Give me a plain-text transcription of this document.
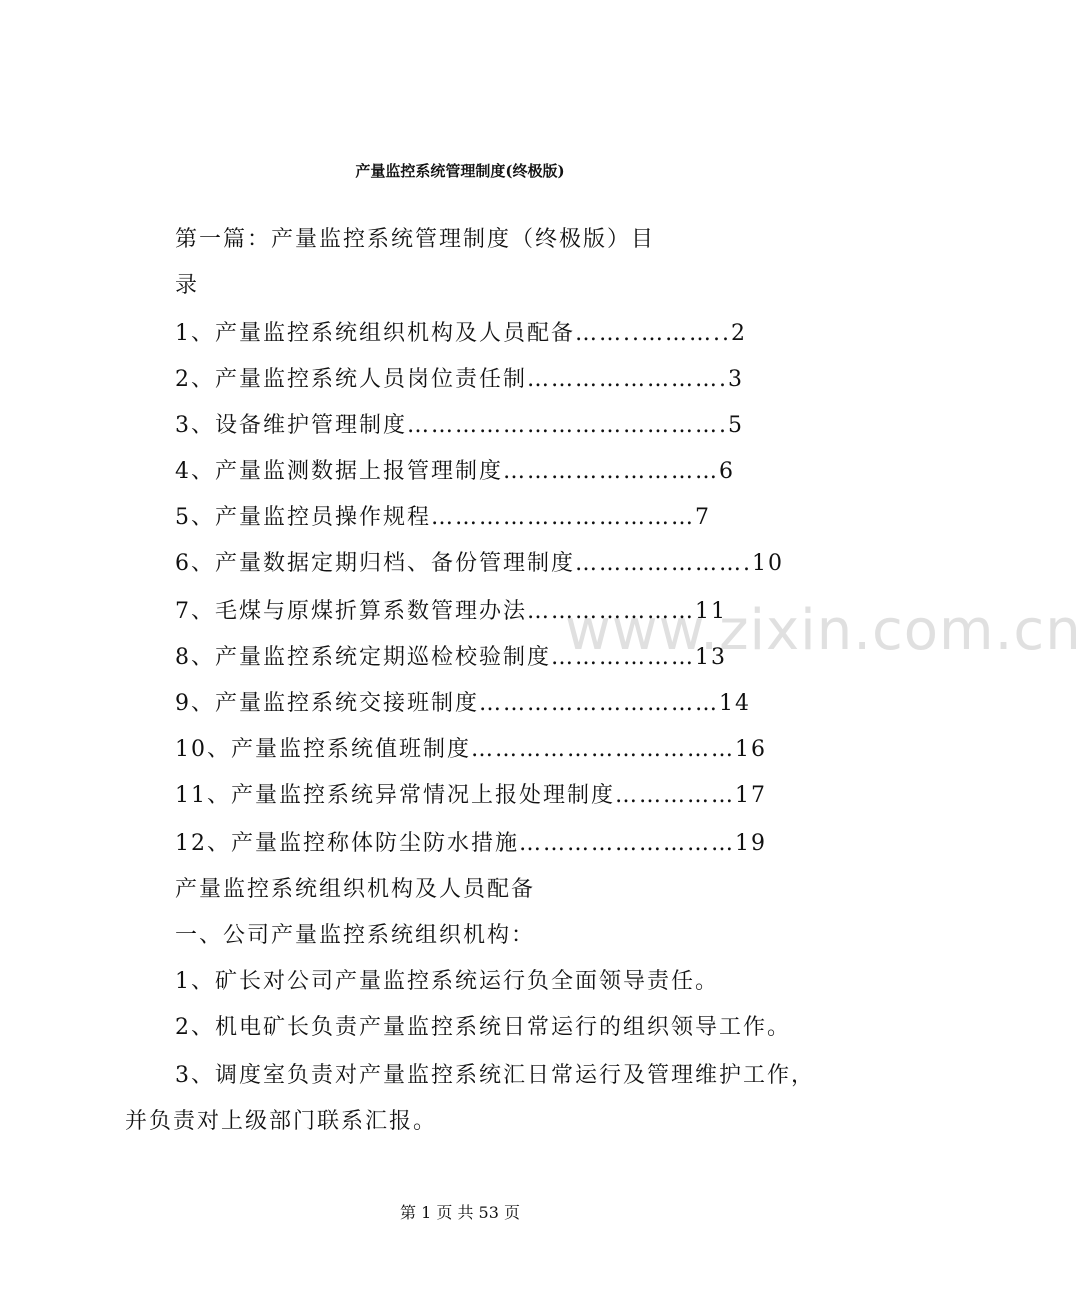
www.zixin.com.cn
产量监控系统管理制度(终极版)
第一篇：产量监控系统管理制度（终极版）目
录
1、产量监控系统组织机构及人员配备……..………..2
2、产量监控系统人员岗位责任制…………………….3
3、设备维护管理制度………………………………….5
4、产量监测数据上报管理制度………………………6
5、产量监控员操作规程……………………………7
6、产量数据定期归档、备份管理制度………………….10
7、毛煤与原煤折算系数管理办法…………………11
8、产量监控系统定期巡检校验制度………………13
9、产量监控系统交接班制度…………………………14
10、产量监控系统值班制度……………………………16
11、产量监控系统异常情况上报处理制度……………17
12、产量监控称体防尘防水措施………………………19
产量监控系统组织机构及人员配备
一、公司产量监控系统组织机构：
1、矿长对公司产量监控系统运行负全面领导责任。
2、机电矿长负责产量监控系统日常运行的组织领导工作。
3、调度室负责对产量监控系统汇日常运行及管理维护工作，
并负责对上级部门联系汇报。
第 1 页 共 53 页
